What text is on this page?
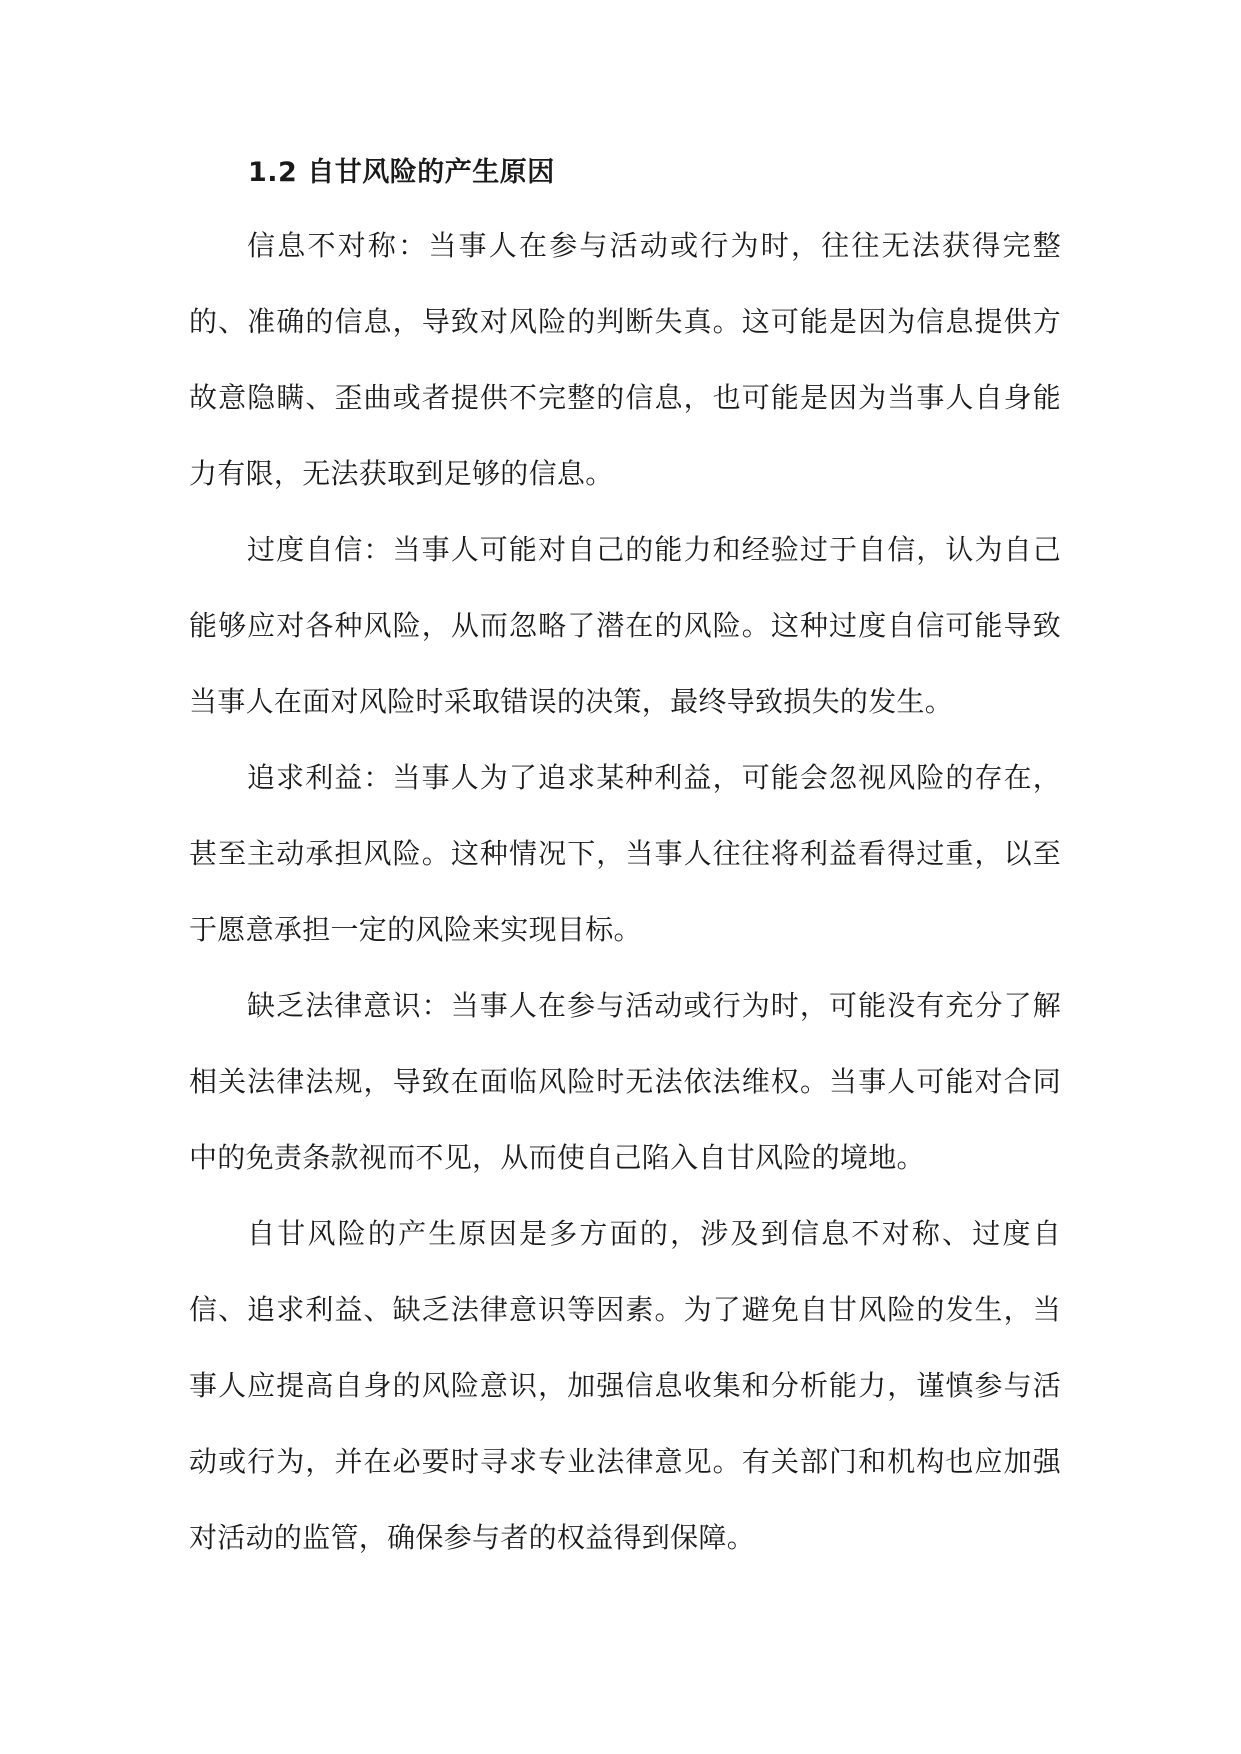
1.2 自甘风险的产生原因

信息不对称：当事人在参与活动或行为时，往往无法获得完整的、准确的信息，导致对风险的判断失真。这可能是因为信息提供方故意隐瞒、歪曲或者提供不完整的信息，也可能是因为当事人自身能力有限，无法获取到足够的信息。

过度自信：当事人可能对自己的能力和经验过于自信，认为自己能够应对各种风险，从而忽略了潜在的风险。这种过度自信可能导致当事人在面对风险时采取错误的决策，最终导致损失的发生。

追求利益：当事人为了追求某种利益，可能会忽视风险的存在，甚至主动承担风险。这种情况下，当事人往往将利益看得过重，以至于愿意承担一定的风险来实现目标。

缺乏法律意识：当事人在参与活动或行为时，可能没有充分了解相关法律法规，导致在面临风险时无法依法维权。当事人可能对合同中的免责条款视而不见，从而使自己陷入自甘风险的境地。

自甘风险的产生原因是多方面的，涉及到信息不对称、过度自信、追求利益、缺乏法律意识等因素。为了避免自甘风险的发生，当事人应提高自身的风险意识，加强信息收集和分析能力，谨慎参与活动或行为，并在必要时寻求专业法律意见。有关部门和机构也应加强对活动的监管，确保参与者的权益得到保障。
